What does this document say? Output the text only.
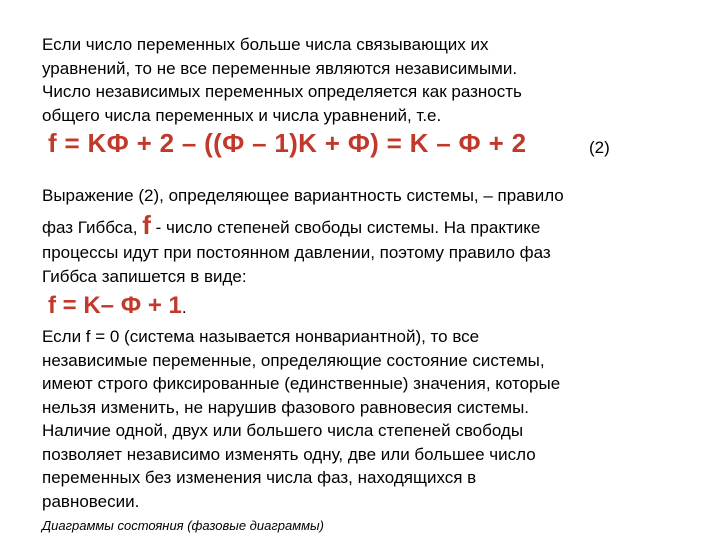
Если число переменных больше числа связывающих их
уравнений, то не все переменные являются независимыми.
Число независимых переменных определяется как разность
общего числа переменных и числа уравнений, т.е.
f = KФ + 2 – ((Ф – 1)K + Ф) = K – Ф + 2	(2)
Выражение (2), определяющее вариантность системы, – правило
фаз Гиббса, f - число степеней свободы системы. На практике
процессы идут при постоянном давлении, поэтому правило фаз
Гиббса запишется в виде:
f = K– Ф + 1.
Если f = 0 (система называется нонвариантной), то все
независимые переменные, определяющие состояние системы,
имеют строго фиксированные (единственные) значения, которые
нельзя изменить, не нарушив фазового равновесия системы.
Наличие одной, двух или большего числа степеней свободы
позволяет независимо изменять одну, две или большее число
переменных без изменения числа фаз, находящихся в
равновесии.
Диаграммы состояния (фазовые диаграммы)
